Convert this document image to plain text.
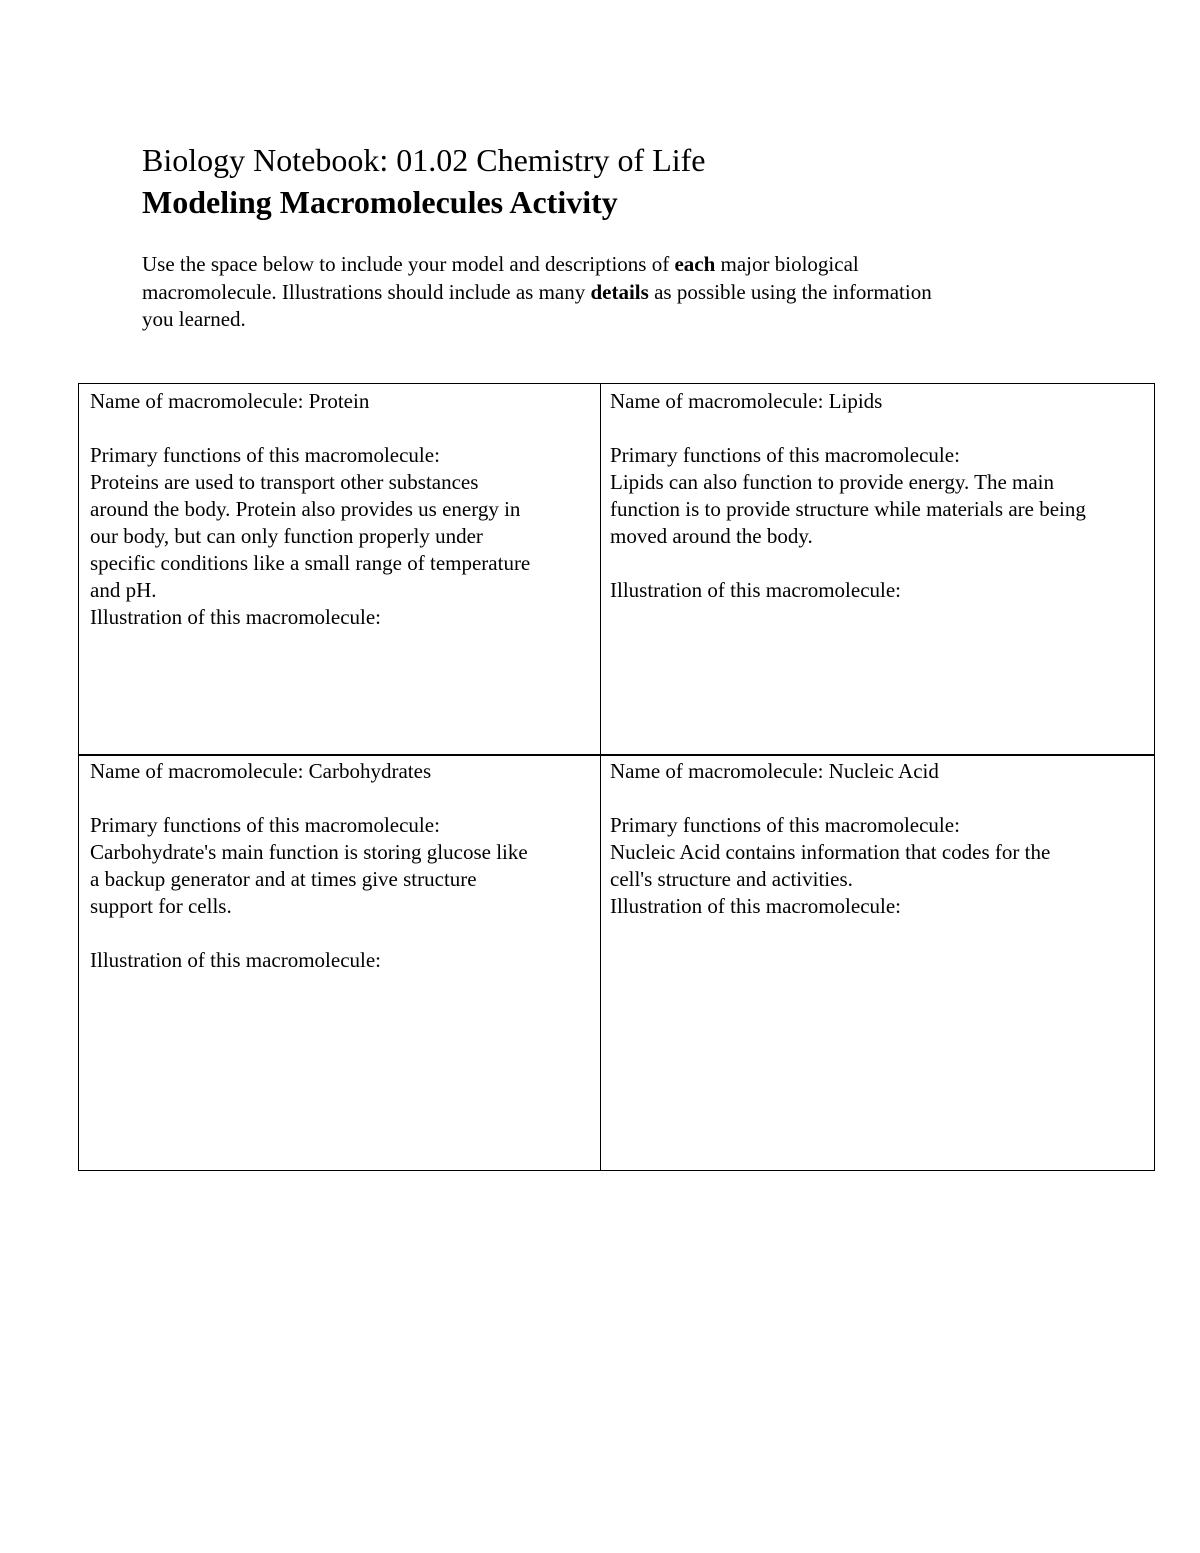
Biology Notebook: 01.02 Chemistry of Life
Modeling Macromolecules Activity
Use the space below to include your model and descriptions of each major biological
macromolecule. Illustrations should include as many details as possible using the information
you learned.
Name of macromolecule: Protein
Primary functions of this macromolecule:
Proteins are used to transport other substances
around the body. Protein also provides us energy in
our body, but can only function properly under
specific conditions like a small range of temperature
and pH.
Illustration of this macromolecule:
Name of macromolecule: Lipids
Primary functions of this macromolecule:
Lipids can also function to provide energy. The main
function is to provide structure while materials are being
moved around the body.
Illustration of this macromolecule:
Name of macromolecule: Carbohydrates
Primary functions of this macromolecule:
Carbohydrate's main function is storing glucose like
a backup generator and at times give structure
support for cells.
Illustration of this macromolecule:
Name of macromolecule: Nucleic Acid
Primary functions of this macromolecule:
Nucleic Acid contains information that codes for the
cell's structure and activities.
Illustration of this macromolecule:
